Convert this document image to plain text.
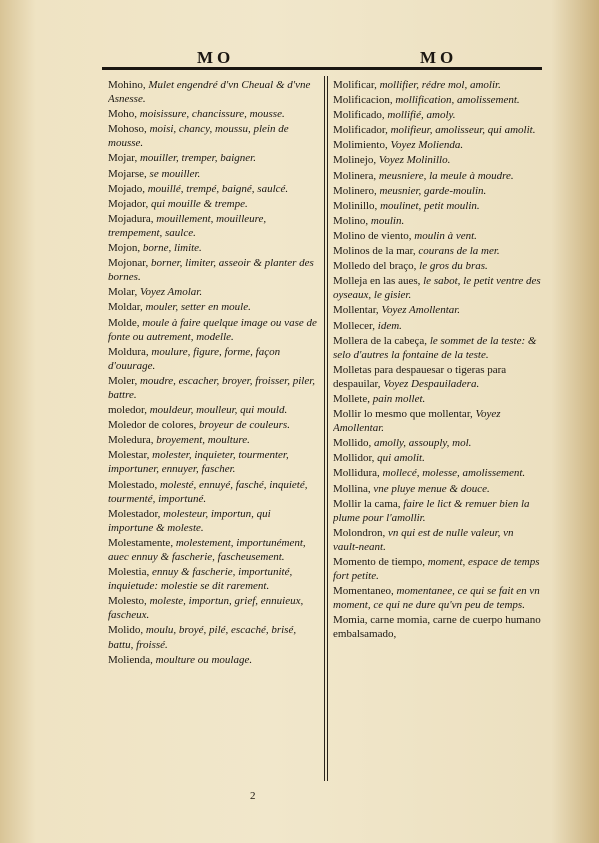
MO	MO
Mohino, Mulet engendré d'vn Cheual & d'vne Asnesse.
Moho, moisissure, chancissure, mousse.
Mohoso, moisi, chancy, moussu, plein de mousse.
Mojar, mouiller, tremper, baigner.
Mojarse, se mouiller.
Mojado, mouillé, trempé, baigné, saulcé.
Mojador, qui mouille & trempe.
Mojadura, mouillement, mouilleure, trempement, saulce.
Mojon, borne, limite.
Mojonar, borner, limiter, asseoir & planter des bornes.
Molar, Voyez Amolar.
Moldar, mouler, setter en moule.
Molde, moule à faire quelque image ou vase de fonte ou autrement, modelle.
Moldura, moulure, figure, forme, façon d'ouurage.
Moler, moudre, escacher, broyer, froisser, piler, battre.
moledor, mouldeur, moulleur, qui mould.
Moledor de colores, broyeur de couleurs.
Moledura, broyement, moulture.
Molestar, molester, inquieter, tourmenter, importuner, ennuyer, fascher.
Molestado, molesté, ennuyé, fasché, inquieté, tourmenté, importuné.
Molestador, molesteur, importun, qui importune & moleste.
Molestamente, molestement, importunément, auec ennuy & fascherie, fascheusement.
Molestia, ennuy & fascherie, importunité, inquietude: molestie se dit rarement.
Molesto, moleste, importun, grief, ennuieux, fascheux.
Molido, moulu, broyé, pilé, escaché, brisé, battu, froissé.
Molienda, moulture ou moulage.
Molificar, mollifier, rédre mol, amolir.
Molificacion, mollification, amolissement.
Molificado, mollifié, amoly.
Molificador, molifieur, amolisseur, qui amolit.
Molimiento, Voyez Molienda.
Molinejo, Voyez Molinillo.
Molinera, meusniere, la meule à moudre.
Molinero, meusnier, garde-moulin.
Molinillo, moulinet, petit moulin.
Molino, moulin.
Molino de viento, moulin à vent.
Molinos de la mar, courans de la mer.
Molledo del braço, le gros du bras.
Molleja en las aues, le sabot, le petit ventre des oyseaux, le gisier.
Mollentar, Voyez Amollentar.
Mollecer, idem.
Mollera de la cabeça, le sommet de la teste: & selo d'autres la fontaine de la teste.
Molletas para despauesar o tigeras para despauilar, Voyez Despauiladera.
Mollete, pain mollet.
Mollir lo mesmo que mollentar, Voyez Amollentar.
Mollido, amolly, assouply, mol.
Mollidor, qui amolit.
Mollidura, mollecé, molesse, amolissement.
Mollina, vne pluye menue & douce.
Mollir la cama, faire le lict & remuer bien la plume pour l'amollir.
Molondron, vn qui est de nulle valeur, vn vault-neant.
Momento de tiempo, moment, espace de temps fort petite.
Momentaneo, momentanee, ce qui se fait en vn moment, ce qui ne dure qu'vn peu de temps.
Momia, carne momia, carne de cuerpo humano embalsamado,
2
